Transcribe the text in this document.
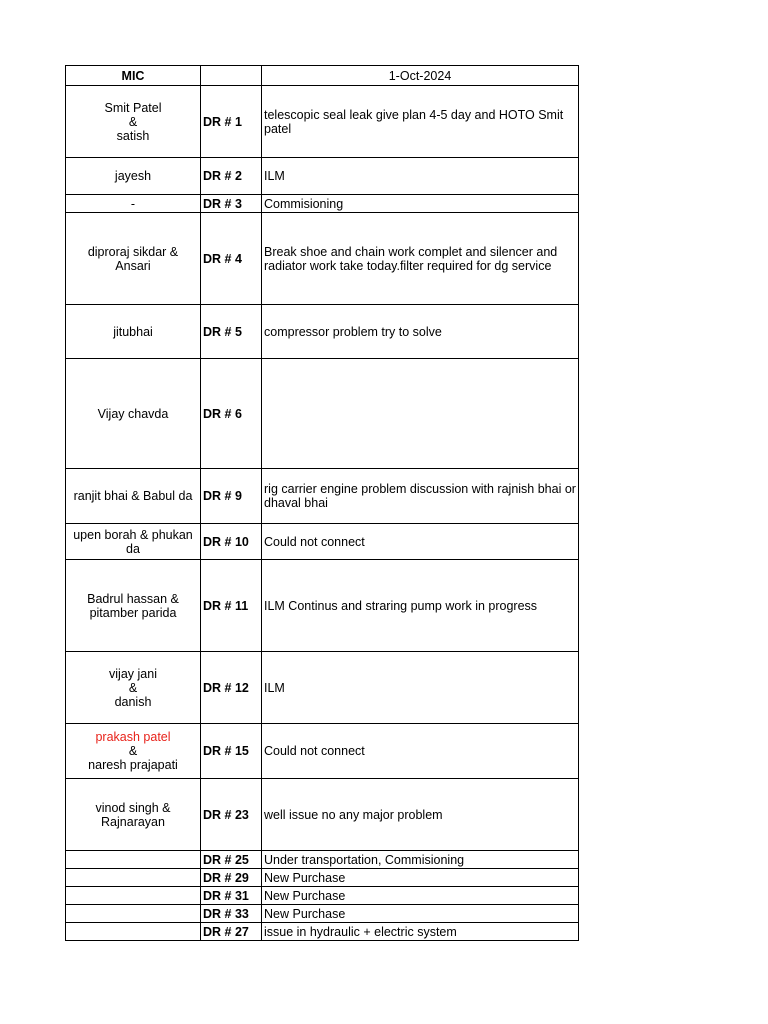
MIC		1-Oct-2024

Smit Patel
&
satish	DR # 1	telescopic seal leak give plan 4-5 day and HOTO Smit patel

jayesh	DR # 2	ILM

-	DR # 3	Commisioning

diproraj sikdar &
Ansari	DR # 4	Break shoe and chain work complet and silencer and radiator work take today.filter required for dg service

jitubhai	DR # 5	compressor problem try to solve

Vijay chavda	DR # 6	

ranjit bhai & Babul da	DR # 9	rig carrier engine problem discussion with rajnish bhai or dhaval bhai

upen borah & phukan
da	DR # 10	Could not connect

Badrul hassan &
pitamber parida	DR # 11	ILM Continus and straring pump work in progress

vijay jani
&
danish	DR # 12	ILM

prakash patel
&
naresh prajapati	DR # 15	Could not connect

vinod singh &
Rajnarayan	DR # 23	well issue no any major problem
	DR # 25	Under transportation, Commisioning
	DR # 29	New Purchase
	DR # 31	New Purchase
	DR # 33	New Purchase
	DR # 27	issue in hydraulic + electric system
